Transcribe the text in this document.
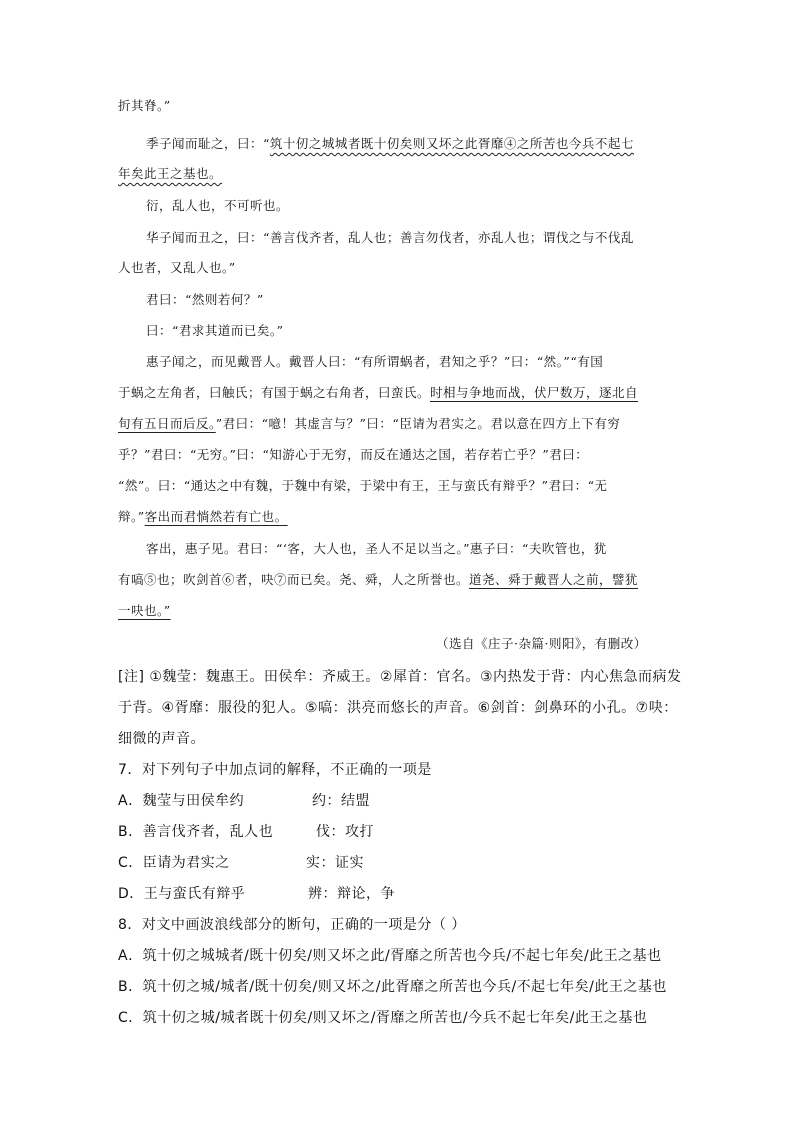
折其脊。”
季子闻而耻之，曰：“筑十仞之城城者既十仞矣则又坏之此胥靡④之所苦也今兵不起七
年矣此王之基也。
衍，乱人也，不可听也。
华子闻而丑之，曰：“善言伐齐者，乱人也；善言勿伐者，亦乱人也；谓伐之与不伐乱
人也者，又乱人也。”
君曰：“然则若何？”
曰：“君求其道而已矣。”
惠子闻之，而见戴晋人。戴晋人曰：“有所谓蜗者，君知之乎？”曰：“然。”“有国
于蜗之左角者，曰触氏；有国于蜗之右角者，曰蛮氏。时相与争地而战，伏尸数万，逐北自
旬有五日而后反。”君曰：“噫！其虚言与？”曰：“臣请为君实之。君以意在四方上下有穷
乎？”君曰：“无穷。”曰：“知游心于无穷，而反在通达之国，若存若亡乎？”君曰：
“然”。曰：“通达之中有魏，于魏中有梁，于梁中有王，王与蛮氏有辩乎？”君曰：“无
辩。”客出而君惝然若有亡也。
客出，惠子见。君曰：“‘客，大人也，圣人不足以当之。”惠子曰：“夫吹管也，犹
有嗃⑤也；吹剑首⑥者，吷⑦而已矣。尧、舜，人之所誉也。道尧、舜于戴晋人之前，譬犹
一吷也。”
（选自《庄子·杂篇·则阳》，有删改）
[注] ①魏莹：魏惠王。田侯牟：齐威王。②犀首：官名。③内热发于背：内心焦急而病发
于背。④胥靡：服役的犯人。⑤嗃：洪亮而悠长的声音。⑥剑首：剑鼻环的小孔。⑦吷：
细微的声音。
7．对下列句子中加点词的解释，不正确的一项是
A．魏莹与田侯牟约	约：结盟
B．善言伐齐者，乱人也	伐：攻打
C．臣请为君实之	实：证实
D．王与蛮氏有辩乎	辨：辩论，争
8．对文中画波浪线部分的断句，正确的一项是分（ ）
A．筑十仞之城城者/既十仞矣/则又坏之此/胥靡之所苦也今兵/不起七年矣/此王之基也
B．筑十仞之城/城者/既十仞矣/则又坏之/此胥靡之所苦也今兵/不起七年矣/此王之基也
C．筑十仞之城/城者既十仞矣/则又坏之/胥靡之所苦也/今兵不起七年矣/此王之基也
